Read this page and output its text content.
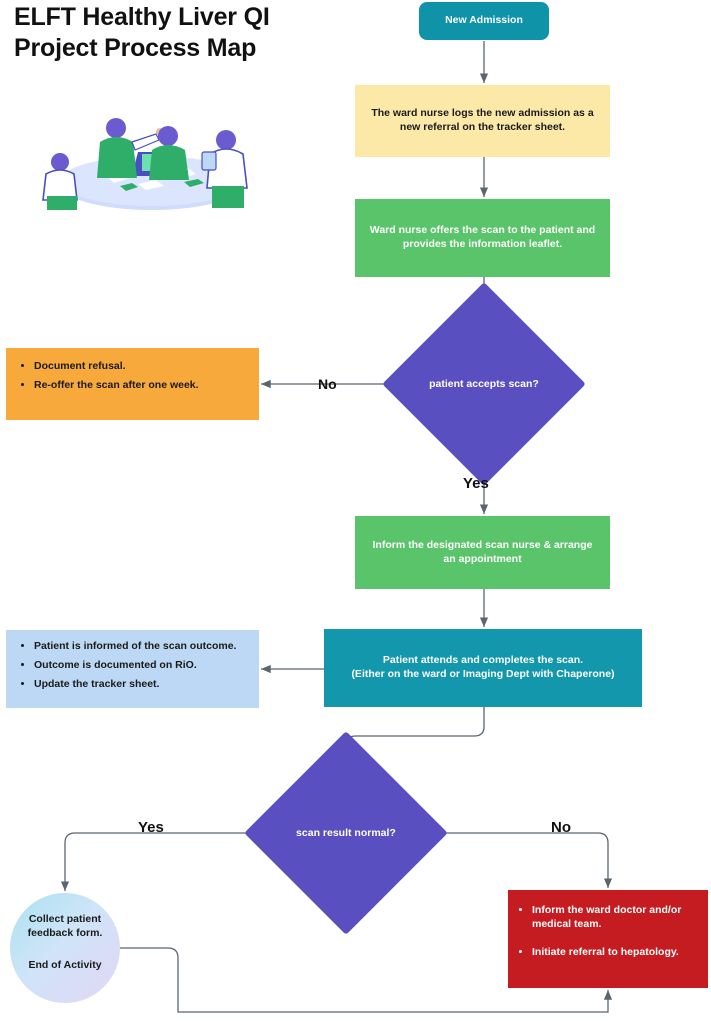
ELFT Healthy Liver QI Project Process Map
New Admission
The ward nurse logs the new admission as a new referral on the tracker sheet.
Ward nurse offers the scan to the patient and provides the information leaflet.
patient accepts scan?
• Document refusal.
• Re-offer the scan after one week.
Inform the designated scan nurse & arrange an appointment
Patient attends and completes the scan.
(Either on the ward or Imaging Dept with Chaperone)
• Patient is informed of the scan outcome.
• Outcome is documented on RiO.
• Update the tracker sheet.
scan result normal?
Collect patient feedback form.
End of Activity
• Inform the ward doctor and/or medical team.
• Initiate referral to hepatology.
No
Yes
Yes	No
